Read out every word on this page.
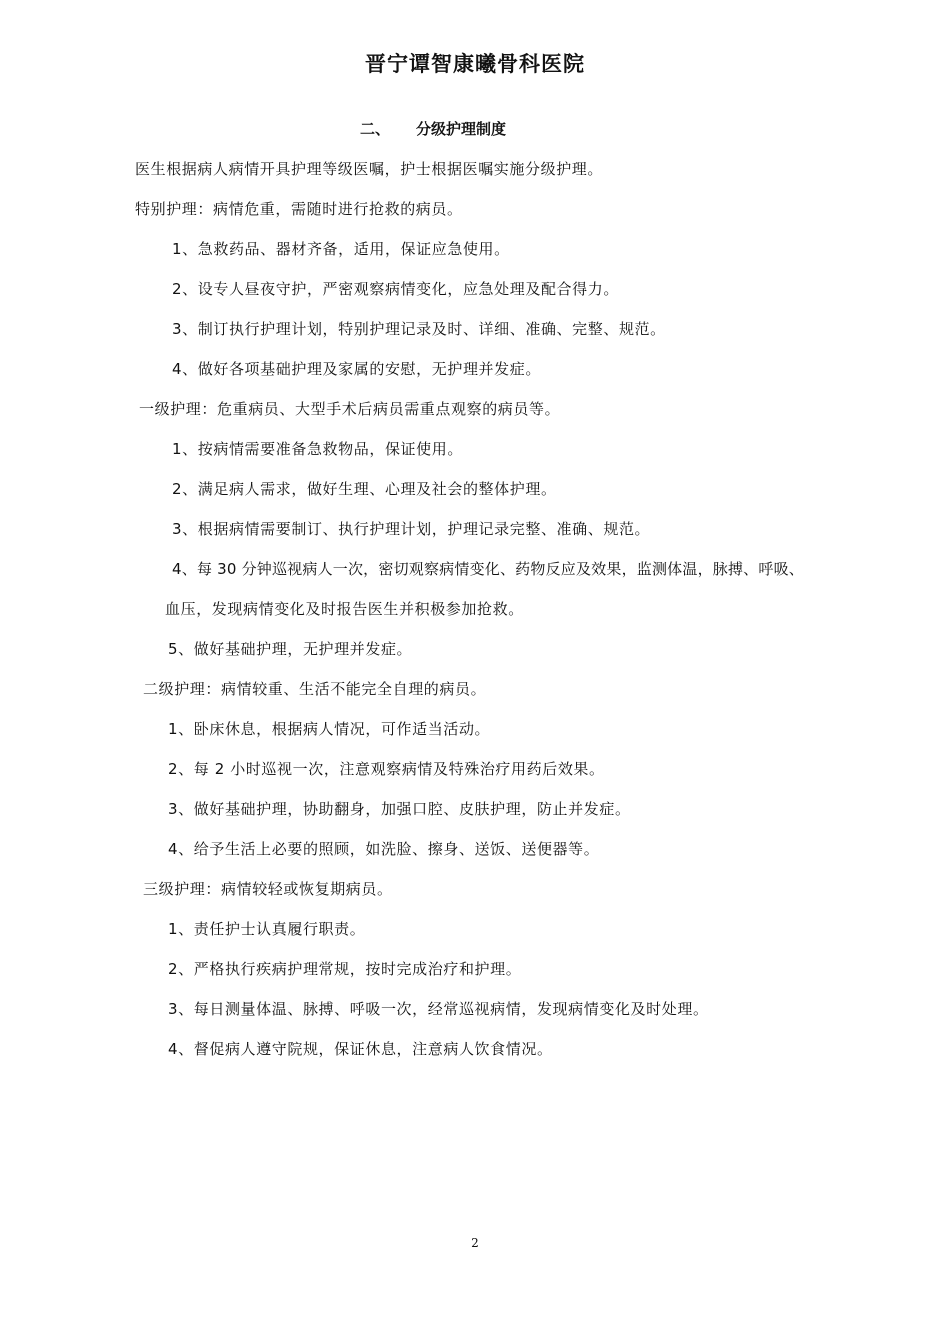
晋宁谭智康曦骨科医院
二、 分级护理制度
医生根据病人病情开具护理等级医嘱，护士根据医嘱实施分级护理。
特别护理：病情危重，需随时进行抢救的病员。
1、急救药品、器材齐备，适用，保证应急使用。
2、设专人昼夜守护，严密观察病情变化，应急处理及配合得力。
3、制订执行护理计划，特别护理记录及时、详细、准确、完整、规范。
4、做好各项基础护理及家属的安慰，无护理并发症。
一级护理：危重病员、大型手术后病员需重点观察的病员等。
1、按病情需要准备急救物品，保证使用。
2、满足病人需求，做好生理、心理及社会的整体护理。
3、根据病情需要制订、执行护理计划，护理记录完整、准确、规范。
4、每 30 分钟巡视病人一次，密切观察病情变化、药物反应及效果，监测体温，脉搏、呼吸、
血压，发现病情变化及时报告医生并积极参加抢救。
5、做好基础护理，无护理并发症。
二级护理：病情较重、生活不能完全自理的病员。
1、卧床休息，根据病人情况，可作适当活动。
2、每 2 小时巡视一次，注意观察病情及特殊治疗用药后效果。
3、做好基础护理，协助翻身，加强口腔、皮肤护理，防止并发症。
4、给予生活上必要的照顾，如洗脸、擦身、送饭、送便器等。
三级护理：病情较轻或恢复期病员。
1、责任护士认真履行职责。
2、严格执行疾病护理常规，按时完成治疗和护理。
3、每日测量体温、脉搏、呼吸一次，经常巡视病情，发现病情变化及时处理。
4、督促病人遵守院规，保证休息，注意病人饮食情况。
2
